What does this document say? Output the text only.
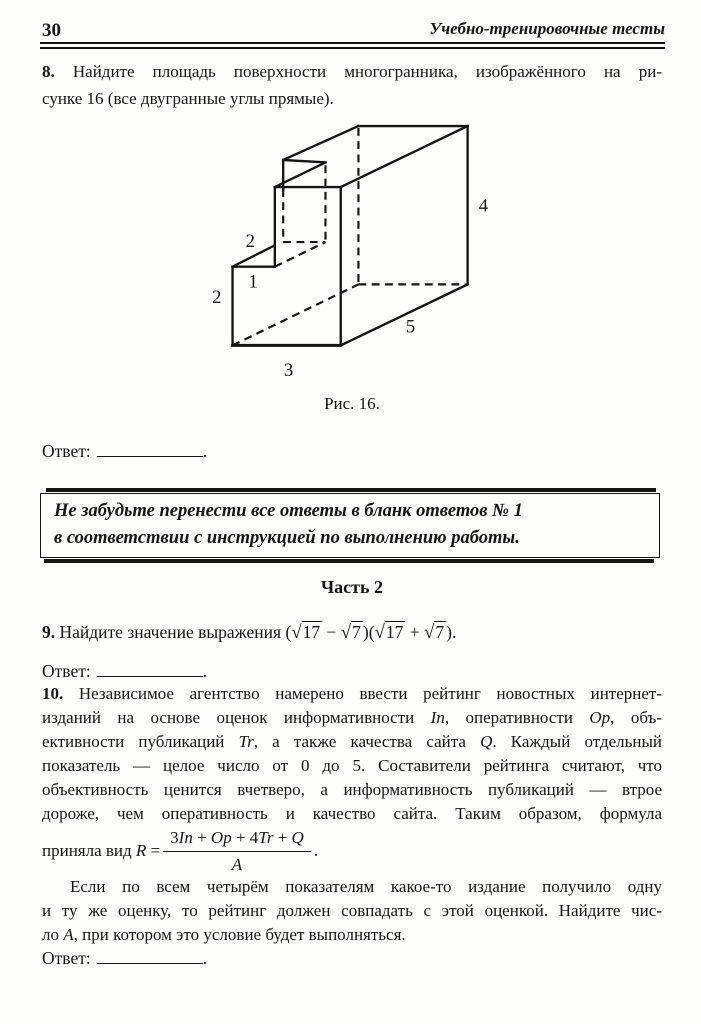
30	Учебно-тренировочные тесты
8. Найдите площадь поверхности многогранника, изображённого на ри-
сунке 16 (все двугранные углы прямые).
2
1
2
3
5
4
Рис. 16.
Ответ:	.
Не забудьте перенести все ответы в бланк ответов № 1
в соответствии с инструкцией по выполнению работы.
Часть 2
9. Найдите значение выражения (√17 − √7 )(√17 + √7 ).
Ответ:	.
10. Независимое агентство намерено ввести рейтинг новостных интернет-
изданий на основе оценок информативности In, оперативности Op, объ-
ективности публикаций Tr, а также качества сайта Q. Каждый отдельный
показатель — целое число от 0 до 5. Составители рейтинга считают, что
объективность ценится вчетверо, а информативность публикаций — втрое
дороже, чем оперативность и качество сайта. Таким образом, формула
приняла вид $R = \frac{3In + Op + 4Tr + Q}{A}$ .
Если по всем четырём показателям какое-то издание получило одну
и ту же оценку, то рейтинг должен совпадать с этой оценкой. Найдите чис-
ло A, при котором это условие будет выполняться.
Ответ:	.
